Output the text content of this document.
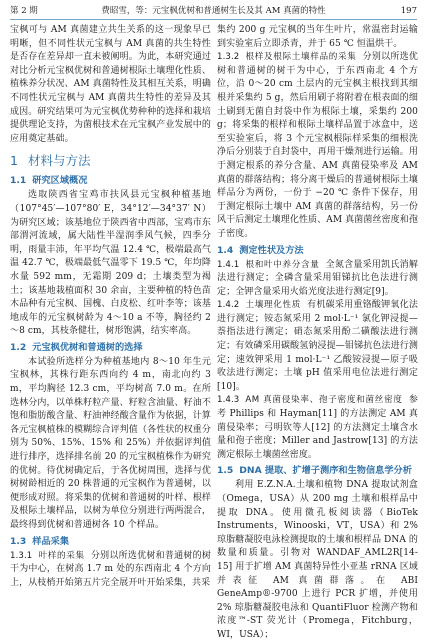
第 2 期	费昭雪，等：元宝枫优树和普通树生长及其 AM 真菌的特性	197

宝枫可与 AM 真菌建立共生关系的这一现象早已明晰，但不同性状元宝枫与 AM 真菌的共生特性是否存在差异却一直未被阐明。为此，本研究通过对比分析元宝枫优树和普通树根际土壤理化性质、植株养分状况、AM 真菌特性及其相互关系，明确不同性状元宝枫与 AM 真菌共生特性的差异及其成因。研究结果可为元宝枫优势种种的选择和栽培提供理论支持，为菌根技术在元宝枫产业发展中的应用奠定基础。

1 材料与方法
1.1 研究区域概况

选取陕西省宝鸡市扶风县元宝枫种植基地（107°45′—107°80′ E，34°12′—34°37′ N）为研究区域；该基地位于陕西省中西部，宝鸡市东部渭河流域，属大陆性半湿润季风气候，四季分明，雨量丰沛，年平均气温 12.4 ℃，极端最高气温 42.7 ℃，极端最低气温零下 19.5 ℃，年均降水量 592 mm，无霜期 209 d；土壤类型为褐土；该基地栽植面积 30 余亩，主要种植的特色苗木品种有元宝枫、国槐、白皮松、红叶李等；该基地成年的元宝枫树龄为 4～10 a 不等，胸径约 2～8 cm，其枝条健壮，树形饱满，结实率高。

1.2 元宝枫优树和普通树的选择

本试验所选样分为种植基地内 8～10 年生元宝枫林，其株行距东西向约 4 m，南北向约 3 m，平均胸径 12.3 cm，平均树高 7.0 m。在所选林分内，以单株籽粒产量、籽粒含油量、籽油不饱和脂肪酸含量、籽油神经酸含量作为依据，计算各元宝枫植株的模糊综合评判值（各性状的权重分别为 50%、15%、15% 和 25%）并依据评判值进行排序，选择排名前 20 的元宝枫植株作为研究的优树。待优树确定后，于各优树周围，选择与优树树龄相近的 20 株普通的元宝枫作为普通树，以便形成对照。将采集的优树和普通树的叶样、根样及根际土壤样品，以树为单位分别进行两两混合，最终得到优树和普通树各 10 个样品。

1.3 样品采集

1.3.1 叶样的采集 分别以所选优树和普通树的树干为中心，在树高 1.7 m 处的东西南北 4 个方向上，从枝梢开始第五片完全展开叶开始采集，共采

集约 200 g 元宝枫的当年生叶片，常温密封运输到实验室后立即杀青，并于 65 ℃ 恒温烘干。

1.3.2 根样及根际土壤样品的采集 分别以所选优树和普通树的树干为中心，于东西南北 4 个方位，沿 0～20 cm 土层内的元宝枫主根找到其细根并采集约 5 g，然后用刷子将附着在根表面的细土刷到无菌自封袋中作为根际土壤，采集约 200 g；将采集的根样和根际土壤样品置于冰盒中，送至实验室后，将 3 个元宝枫根际样采集的细根洗净后分别装于自封袋中，再用干燥剂进行运输。用于测定根系的养分含量、AM 真菌侵染率及 AM 真菌的群落结构；将分离干燥后的普通树根际土壤样品分为两份，一份于 −20 ℃ 条件下保存，用于测定根际土壤中 AM 真菌的群落结构，另一份风干后测定土壤理化性质、AM 真菌菌丝密度和孢子密度。

1.4 测定性状及方法

1.4.1 根和叶中养分含量 全氮含量采用凯氏消解法进行测定；全磷含量采用钼锑抗比色法进行测定；全钾含量采用火焰光度法进行测定[9]。

1.4.2 土壤理化性质 有机碳采用重铬酸钾氧化法进行测定；铵态氮采用 2 mol·L⁻¹ 氯化钾浸提—萘指法进行测定；硝态氮采用酚二磺酸法进行测定；有效磷采用碳酸氢钠浸提—钼锑抗色法进行测定；速效钾采用 1 mol·L⁻¹ 乙酸铵浸提—原子吸收法进行测定；土壤 pH 值采用电位法进行测定[10]。

1.4.3 AM 真菌侵染率、孢子密度和菌丝密度 参考 Phillips 和 Hayman[11] 的方法测定 AM 真菌侵染率；弓明钦等人[12] 的方法测定土壤含水量和孢子密度；Miller and Jastrow[13] 的方法测定根际土壤菌丝密度。

1.5 DNA 提取、扩增子测序和生物信息学分析

利用 E.Z.N.A.土壤和植物 DNA 提取试剂盒（Omega，USA）从 200 mg 土壤和根样品中提取 DNA。使用微孔板阅读器（BioTek Instruments，Winooski，VT，USA）和 2% 琼脂糖凝胶电泳检测提取的土壤和根样品 DNA 的数量和质量。引物对 WANDAF_AML2R[14-15] 用于扩增 AM 真菌特异性小亚基 rRNA 区域并表征 AM 真菌群落。在 ABI GeneAmp®-9700 上进行 PCR 扩增，并使用 2% 琼脂糖凝胶电泳和 QuantiFluor 检测产物和浓度™-ST 荧光计（Promega，Fitchburg，WI，USA）；
